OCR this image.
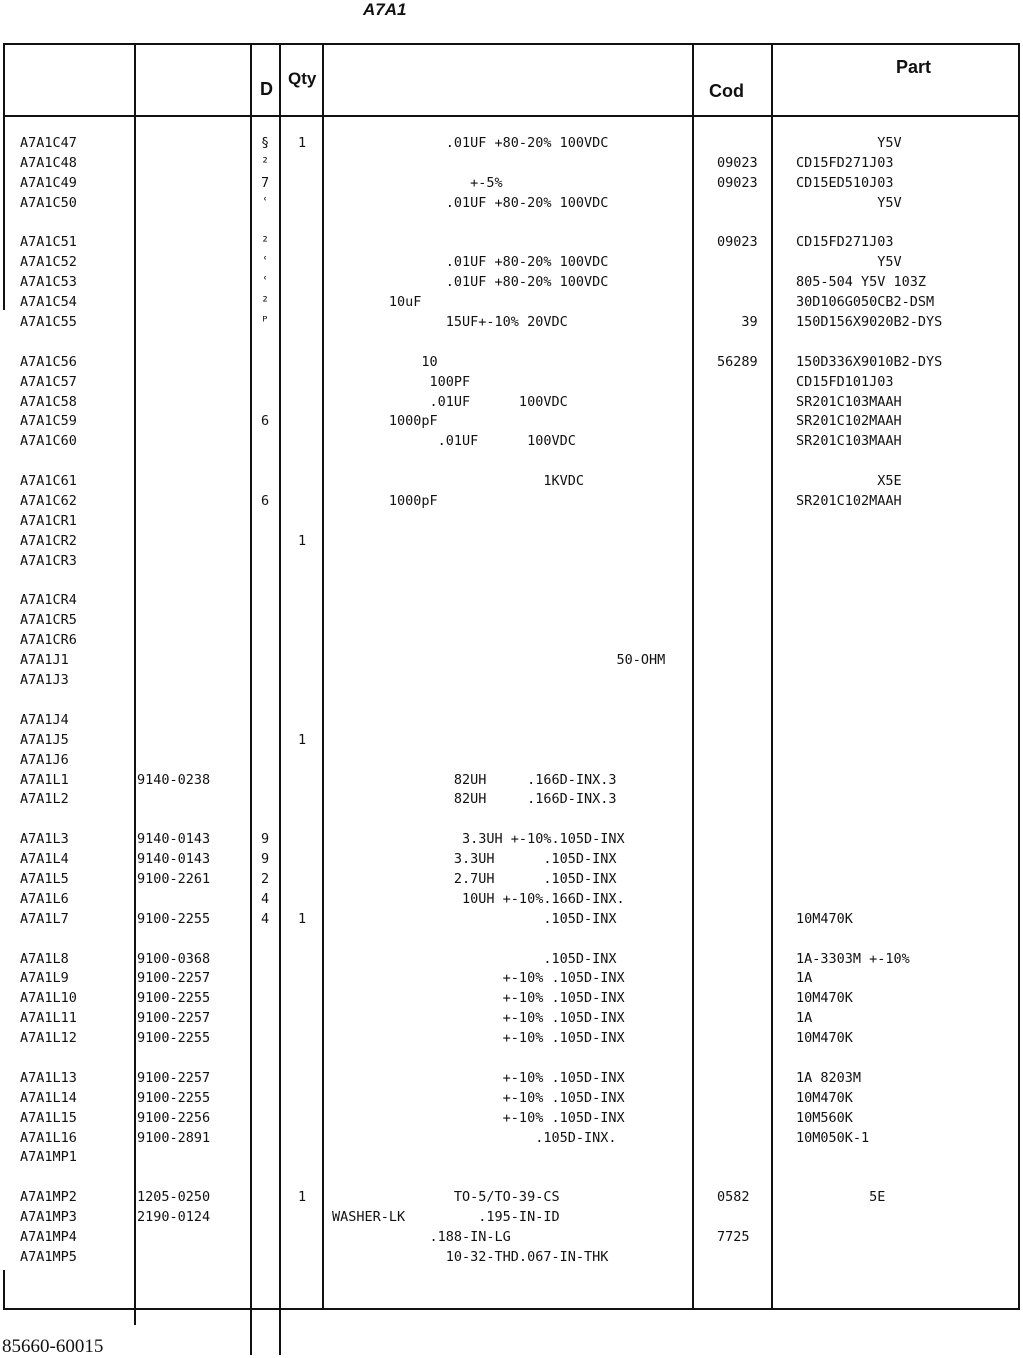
A7A1
D
Qty
Cod
Part
A7A1C47
A7A1C48
A7A1C49
A7A1C50
A7A1C51
A7A1C52
A7A1C53
A7A1C54
A7A1C55
A7A1C56
A7A1C57
A7A1C58
A7A1C59
A7A1C60
A7A1C61
A7A1C62
A7A1CR1
A7A1CR2
A7A1CR3
A7A1CR4
A7A1CR5
A7A1CR6
A7A1J1
A7A1J3
A7A1J4
A7A1J5
A7A1J6
A7A1L1
A7A1L2
A7A1L3
A7A1L4
A7A1L5
A7A1L6
A7A1L7
A7A1L8
A7A1L9
A7A1L10
A7A1L11
A7A1L12
A7A1L13
A7A1L14
A7A1L15
A7A1L16
A7A1MP1
A7A1MP2
A7A1MP3
A7A1MP4
A7A1MP5
9140-0238
9140-0143
9140-0143
9100-2261
9100-2255
9100-0368
9100-2257
9100-2255
9100-2257
9100-2255
9100-2257
9100-2255
9100-2256
9100-2891
1205-0250
2190-0124
§
²
7
ʿ
²
ʿ
ʿ
²
ᴾ
6
6
9
9
2
4
4
1
1
1
1
1
.01UF +80-20% 100VDC
+-5%
.01UF +80-20% 100VDC
.01UF +80-20% 100VDC
.01UF +80-20% 100VDC
10uF
15UF+-10% 20VDC
10
100PF
.01UF      100VDC
1000pF
.01UF      100VDC
1KVDC
1000pF
50-OHM
82UH     .166D-INX.3
82UH     .166D-INX.3
3.3UH +-10%.105D-INX
3.3UH      .105D-INX
2.7UH      .105D-INX
10UH +-10%.166D-INX.
.105D-INX
.105D-INX
+-10% .105D-INX
+-10% .105D-INX
+-10% .105D-INX
+-10% .105D-INX
+-10% .105D-INX
+-10% .105D-INX
+-10% .105D-INX
.105D-INX.
TO-5/TO-39-CS
WASHER-LK         .195-IN-ID
.188-IN-LG
10-32-THD.067-IN-THK
09023
09023
09023
39
56289
0582
7725
Y5V
CD15FD271J03
CD15ED510J03
Y5V
CD15FD271J03
Y5V
805-504 Y5V 103Z
30D106G050CB2-DSM
150D156X9020B2-DYS
150D336X9010B2-DYS
CD15FD101J03
SR201C103MAAH
SR201C102MAAH
SR201C103MAAH
X5E
SR201C102MAAH
10M470K
1A-3303M +-10%
1A
10M470K
1A
10M470K
1A 8203M
10M470K
10M560K
10M050K-1
5E
85660-60015
